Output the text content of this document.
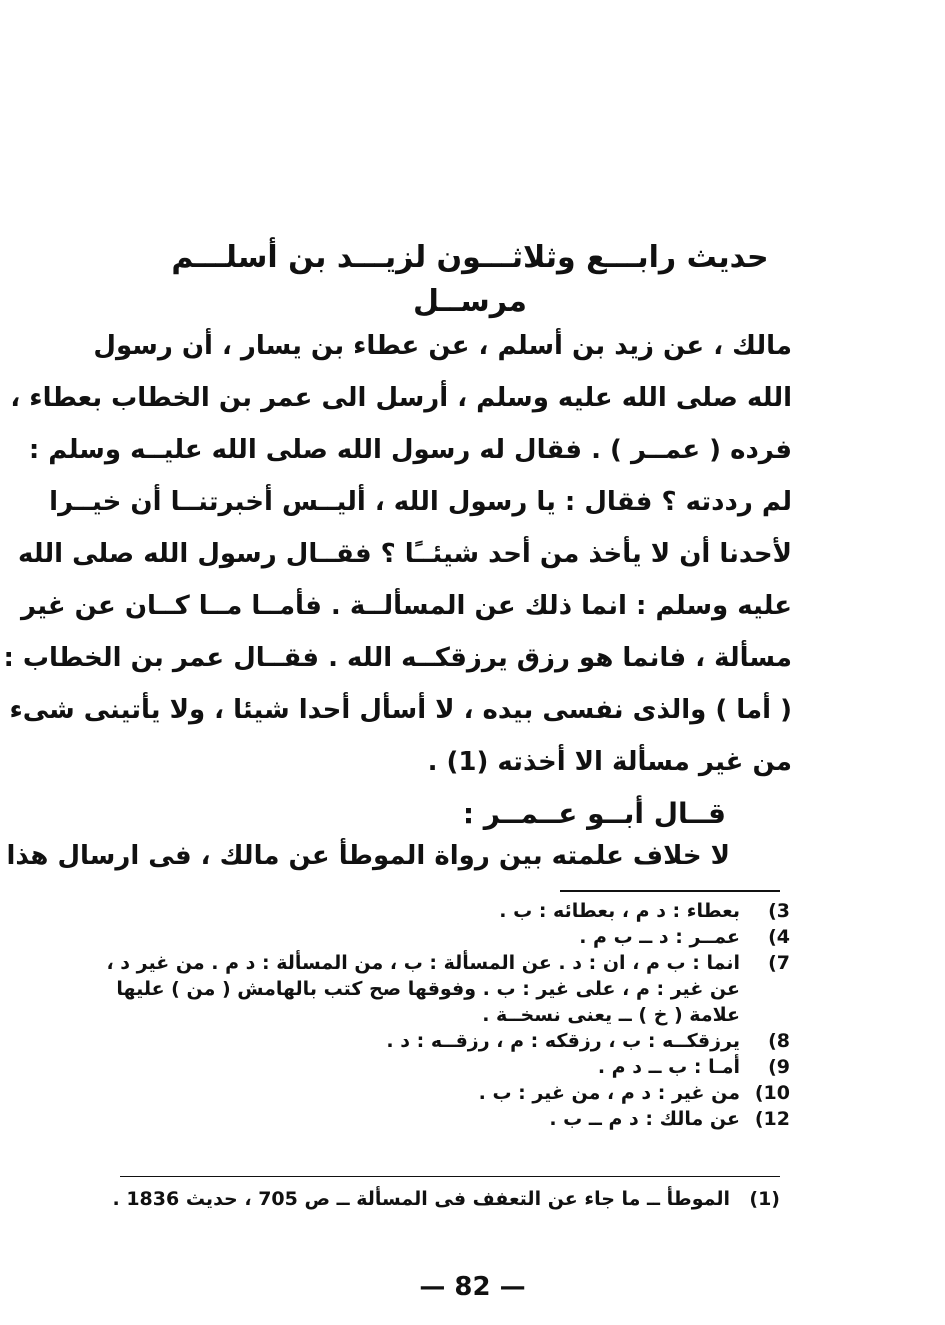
حديث رابـــع وثلاثـــون لزيـــد بن أسلـــم مرســل
مالك ، عن زيد بن أسلم ، عن عطاء بن يسار ، أن رسول
الله صلى الله عليه وسلم ، أرسل الى عمر بن الخطاب بعطاء ،
فرده ( عمــر ) . فقال له رسول الله صلى الله عليــه وسلم :
لم رددته ؟ فقال : يا رسول الله ، أليــس أخبرتنــا أن خيــرا
لأحدنا أن لا يأخذ من أحد شيئــًا ؟ فقــال رسول الله صلى الله
عليه وسلم : انما ذلك عن المسألــة . فأمــا مــا كــان عن غير
مسألة ، فانما هو رزق يرزقكــه الله . فقــال عمر بن الخطاب :
( أما ) والذى نفسى بيده ، لا أسأل أحدا شيئا ، ولا يأتينى شىء
من غير مسألة الا أخذته (1) .
قــال أبــو عــمــر :
لا خلاف علمته بين رواة الموطأ عن مالك ، فى ارسال هذا
(3
بعطاء : د م ، بعطائه : ب .
(4
عمــر : د ــ ب م .
(7
انما : ب م ، ان : د . عن المسألة : ب ، من المسألة : د م . من غير د ، عن غير : م ، على غير : ب . وفوقها صح كتب بالهامش ( من ) عليها علامة ( خ ) ــ يعنى نسخــة .
(8
يرزقكــه : ب ، رزقكه : م ، رزقــه : د .
(9
أمـا : ب ــ د م .
(10
من غير : د م ، من غير : ب .
(12
عن مالك : د م ــ ب .
(1)
الموطأ ــ ما جاء عن التعفف فى المسألة ــ ص 705 ، حديث 1836 .
— 82 —
